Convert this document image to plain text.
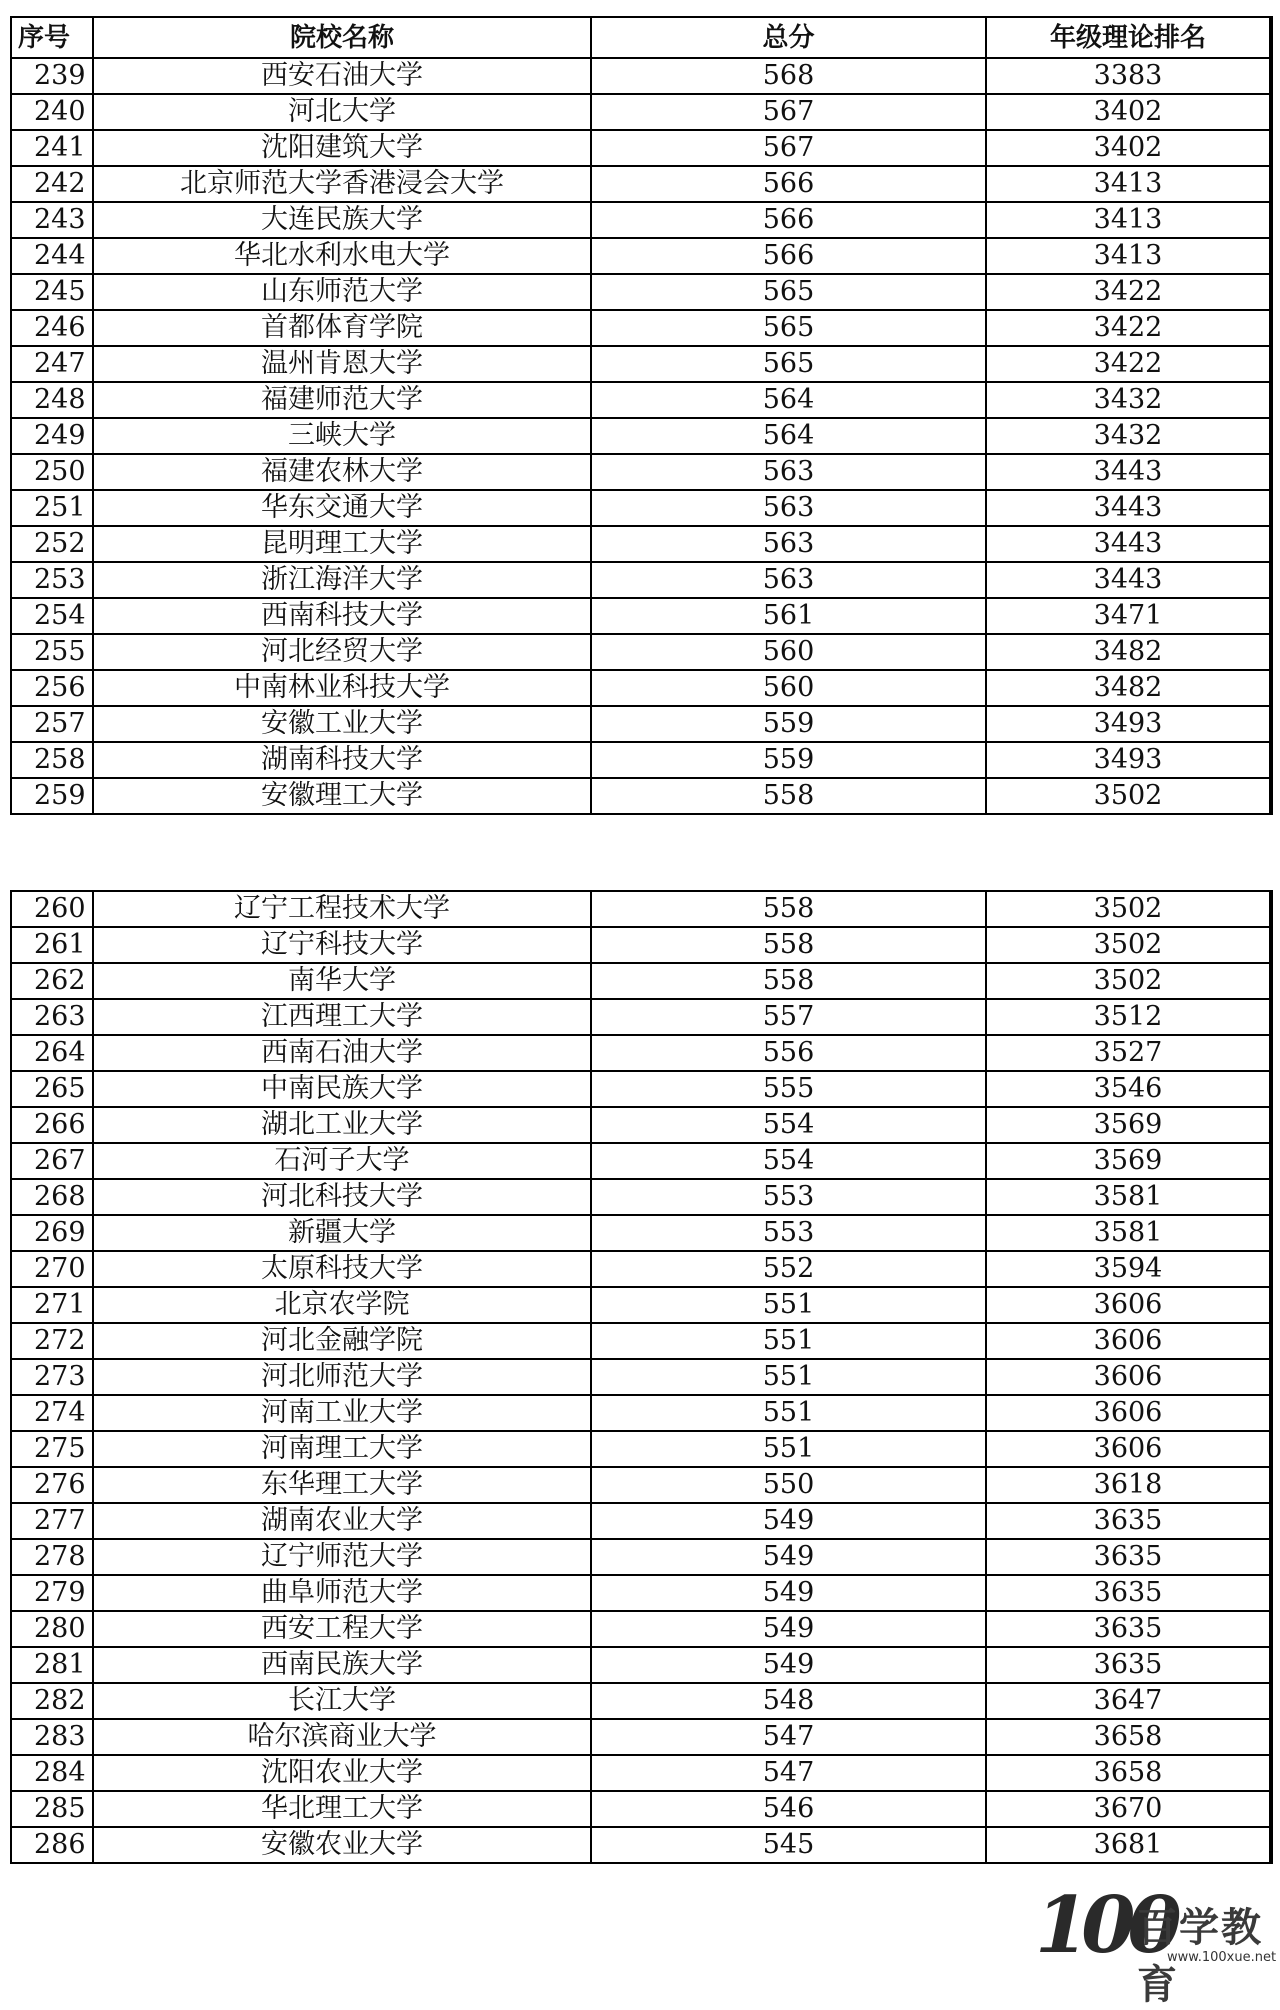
序号	院校名称	总分	年级理论排名
239	西安石油大学	568	3383
240	河北大学	567	3402
241	沈阳建筑大学	567	3402
242	北京师范大学香港浸会大学	566	3413
243	大连民族大学	566	3413
244	华北水利水电大学	566	3413
245	山东师范大学	565	3422
246	首都体育学院	565	3422
247	温州肯恩大学	565	3422
248	福建师范大学	564	3432
249	三峡大学	564	3432
250	福建农林大学	563	3443
251	华东交通大学	563	3443
252	昆明理工大学	563	3443
253	浙江海洋大学	563	3443
254	西南科技大学	561	3471
255	河北经贸大学	560	3482
256	中南林业科技大学	560	3482
257	安徽工业大学	559	3493
258	湖南科技大学	559	3493
259	安徽理工大学	558	3502
260	辽宁工程技术大学	558	3502
261	辽宁科技大学	558	3502
262	南华大学	558	3502
263	江西理工大学	557	3512
264	西南石油大学	556	3527
265	中南民族大学	555	3546
266	湖北工业大学	554	3569
267	石河子大学	554	3569
268	河北科技大学	553	3581
269	新疆大学	553	3581
270	太原科技大学	552	3594
271	北京农学院	551	3606
272	河北金融学院	551	3606
273	河北师范大学	551	3606
274	河南工业大学	551	3606
275	河南理工大学	551	3606
276	东华理工大学	550	3618
277	湖南农业大学	549	3635
278	辽宁师范大学	549	3635
279	曲阜师范大学	549	3635
280	西安工程大学	549	3635
281	西南民族大学	549	3635
282	长江大学	548	3647
283	哈尔滨商业大学	547	3658
284	沈阳农业大学	547	3658
285	华北理工大学	546	3670
286	安徽农业大学	545	3681
100
百学教育
www.100xue.net
